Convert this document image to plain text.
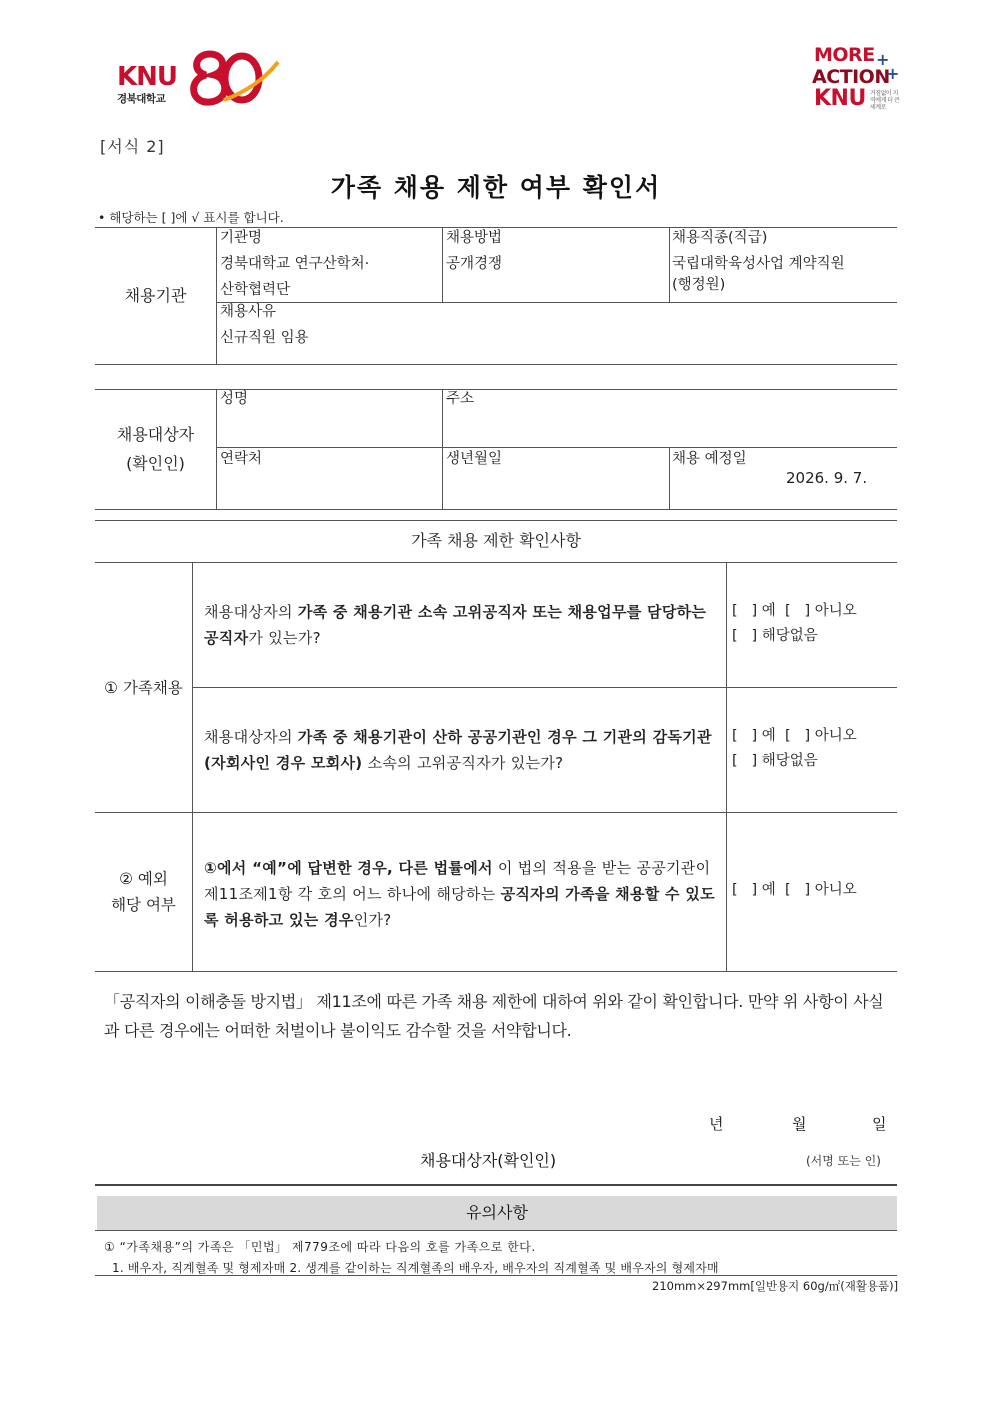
KNU
경북대학교
MORE +
ACTION
+
KNU 거점없이 지역에게 더 큰 세계로
[서식 2]
가족 채용 제한 여부 확인서
• 해당하는 [ ]에 √ 표시를 합니다.
채용기관
기관명
경북대학교 연구산학처·
산학협력단
채용방법
공개경쟁
채용직종(직급)
국립대학육성사업 계약직원
(행정원)
채용사유
신규직원 임용
채용대상자
(확인인)
성명	주소
연락처	생년월일	채용 예정일
2026. 9. 7.
가족 채용 제한 확인사항
① 가족채용
채용대상자의 가족 중 채용기관 소속 고위공직자 또는 채용업무를 담당하는 공직자가 있는가?
[   ] 예  [   ] 아니오
[   ] 해당없음
채용대상자의 가족 중 채용기관이 산하 공공기관인 경우 그 기관의 감독기관(자회사인 경우 모회사) 소속의 고위공직자가 있는가?
[   ] 예  [   ] 아니오
[   ] 해당없음
② 예외
해당 여부
①에서 “예”에 답변한 경우, 다른 법률에서 이 법의 적용을 받는 공공기관이 제11조제1항 각 호의 어느 하나에 해당하는 공직자의 가족을 채용할 수 있도록 허용하고 있는 경우인가?
[   ] 예  [   ] 아니오
「공직자의 이해충돌 방지법」 제11조에 따른 가족 채용 제한에 대하여 위와 같이 확인합니다. 만약 위 사항이 사실과 다른 경우에는 어떠한 처벌이나 불이익도 감수할 것을 서약합니다.
년	월	일
채용대상자(확인인)	(서명 또는 인)
유의사항
① “가족채용”의 가족은 「민법」 제779조에 따라 다음의 호를 가족으로 한다.
1. 배우자, 직계혈족 및 형제자매 2. 생계를 같이하는 직계혈족의 배우자, 배우자의 직계혈족 및 배우자의 형제자매
210mm×297mm[일반용지 60g/㎡(재활용품)]
